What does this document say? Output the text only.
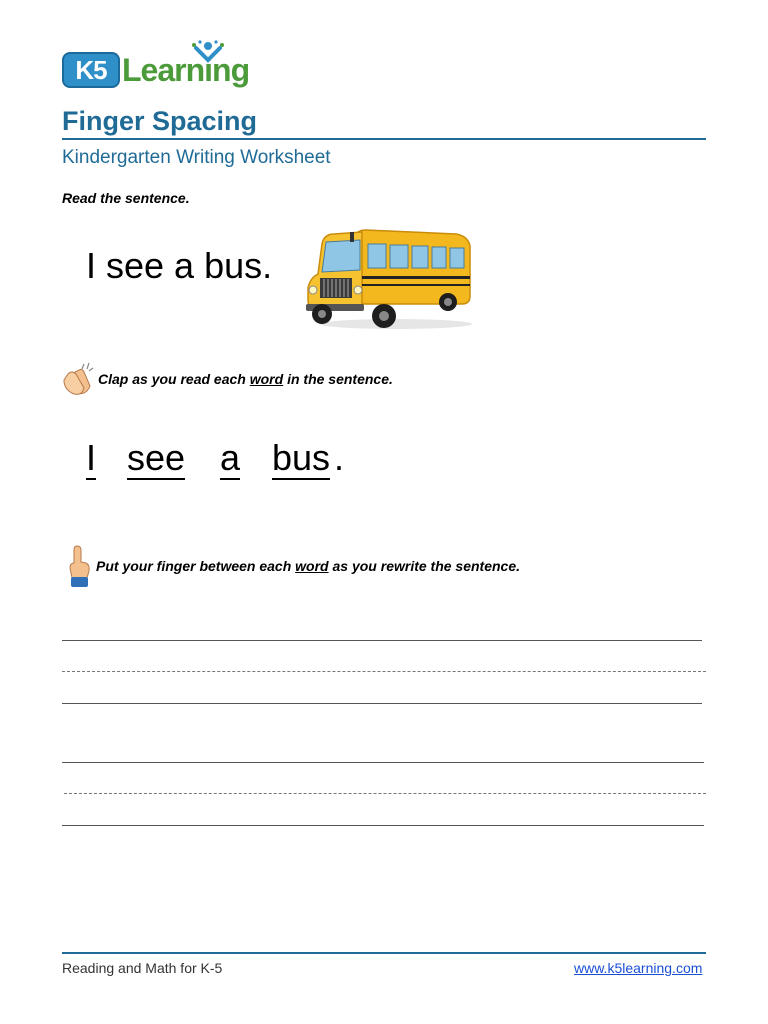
K5 Learning
Finger Spacing
Kindergarten Writing Worksheet
Read the sentence.
I see a bus.
Clap as you read each word in the sentence.
I see a bus .
Put your finger between each word as you rewrite the sentence.
Reading and Math for K-5	www.k5learning.com
